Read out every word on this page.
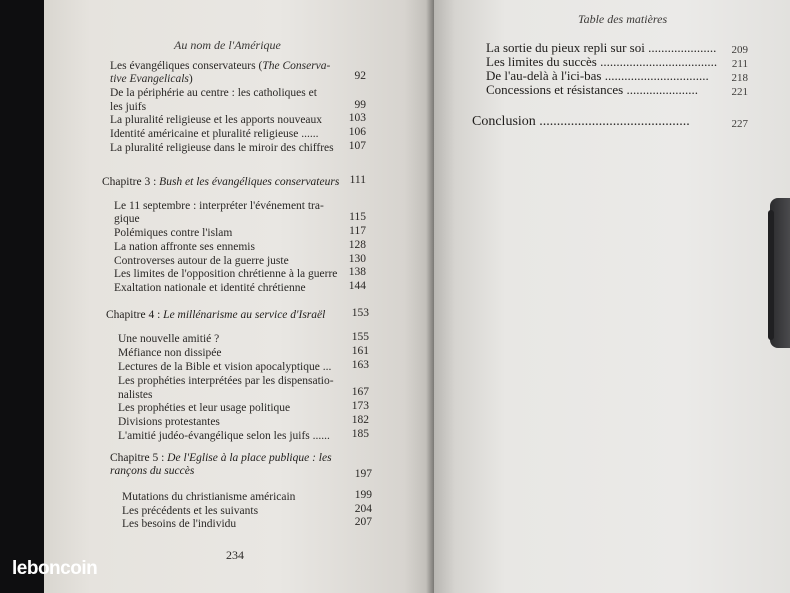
Au nom de l'Amérique
Les évangéliques conservateurs (The Conserva-
tive Evangelicals)	92
De la périphérie au centre : les catholiques et
les juifs	99
La pluralité religieuse et les apports nouveaux	103
Identité américaine et pluralité religieuse ......	106
La pluralité religieuse dans le miroir des chiffres	107
Chapitre 3 : Bush et les évangéliques conservateurs 111
Le 11 septembre : interpréter l'événement tra-
gique	115
Polémiques contre l'islam	117
La nation affronte ses ennemis	128
Controverses autour de la guerre juste	130
Les limites de l'opposition chrétienne à la guerre 138
Exaltation nationale et identité chrétienne	144
Chapitre 4 : Le millénarisme au service d'Israël	153
Une nouvelle amitié ?	155
Méfiance non dissipée	161
Lectures de la Bible et vision apocalyptique ...	163
Les prophéties interprétées par les dispensatio-
nalistes	167
Les prophéties et leur usage politique	173
Divisions protestantes	182
L'amitié judéo-évangélique selon les juifs ......	185
Chapitre 5 : De l'Eglise à la place publique : les
rançons du succès	197
Mutations du christianisme américain	199
Les précédents et les suivants	204
Les besoins de l'individu	207
234
Table des matières
La sortie du pieux repli sur soi .....................	209
Les limites du succès ....................................	211
De l'au-delà à l'ici-bas ................................	218
Concessions et résistances ......................	221
Conclusion ...........................................	227
leboncoin
